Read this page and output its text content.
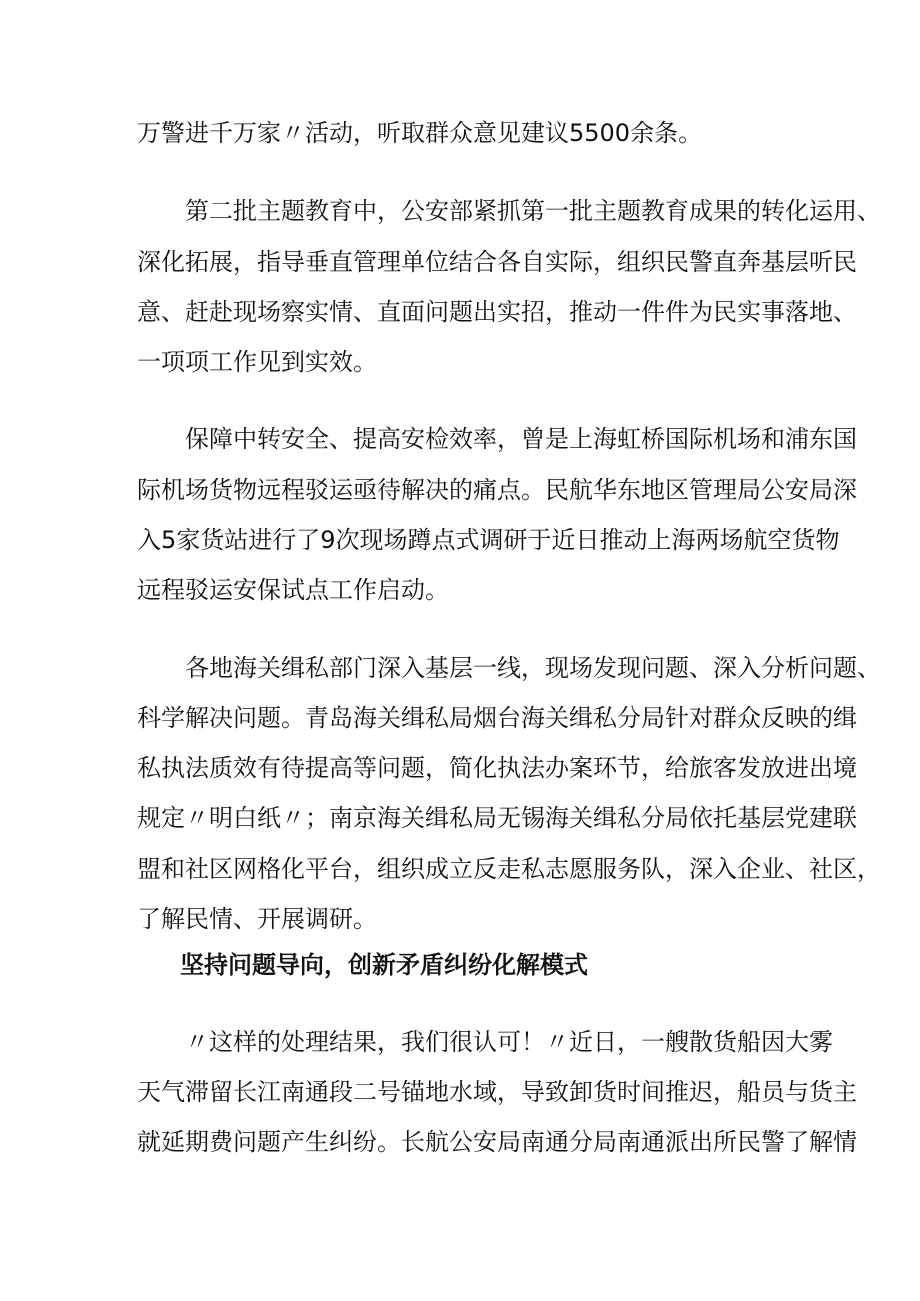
万警进千万家〃活动，听取群众意见建议5500余条。

　　第二批主题教育中，公安部紧抓第一批主题教育成果的转化运用、

深化拓展，指导垂直管理单位结合各自实际，组织民警直奔基层听民

意、赶赴现场察实情、直面问题出实招，推动一件件为民实事落地、

一项项工作见到实效。

　　保障中转安全、提高安检效率，曾是上海虹桥国际机场和浦东国

际机场货物远程驳运亟待解决的痛点。民航华东地区管理局公安局深

入5家货站进行了9次现场蹲点式调研于近日推动上海两场航空货物

远程驳运安保试点工作启动。

　　各地海关缉私部门深入基层一线，现场发现问题、深入分析问题、

科学解决问题。青岛海关缉私局烟台海关缉私分局针对群众反映的缉

私执法质效有待提高等问题，简化执法办案环节，给旅客发放进出境

规定〃明白纸〃；南京海关缉私局无锡海关缉私分局依托基层党建联

盟和社区网格化平台，组织成立反走私志愿服务队，深入企业、社区，

了解民情、开展调研。

坚持问题导向，创新矛盾纠纷化解模式

　　〃这样的处理结果，我们很认可！〃近日，一艘散货船因大雾

天气滞留长江南通段二号锚地水域，导致卸货时间推迟，船员与货主

就延期费问题产生纠纷。长航公安局南通分局南通派出所民警了解情
